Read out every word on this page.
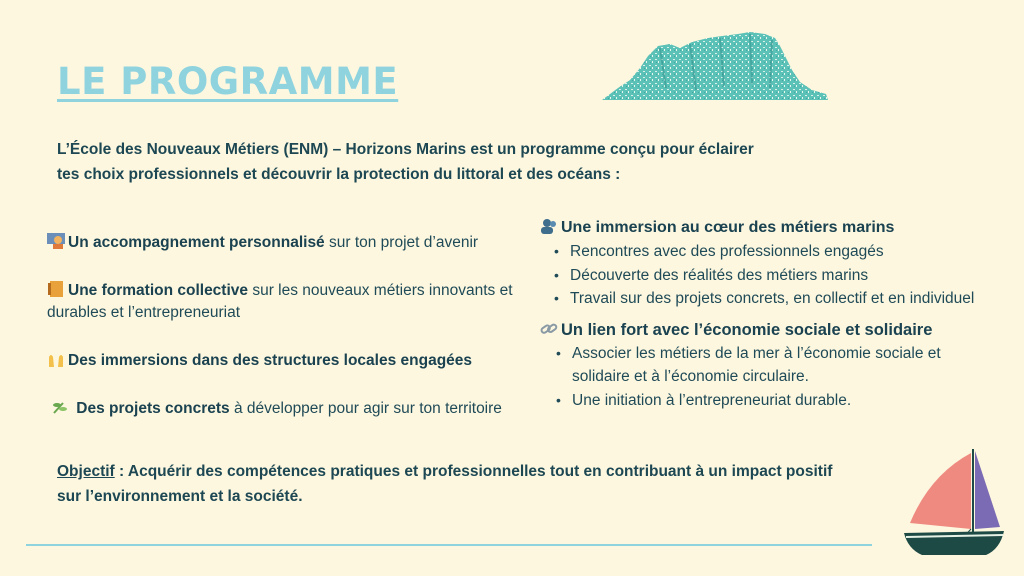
LE PROGRAMME
L’École des Nouveaux Métiers (ENM) – Horizons Marins est un programme conçu pour éclairer tes choix professionnels et découvrir la protection du littoral et des océans :
Un accompagnement personnalisé sur ton projet d’avenir
Une formation collective sur les nouveaux métiers innovants et durables et l’entrepreneuriat
Des immersions dans des structures locales engagées
Des projets concrets à développer pour agir sur ton territoire
Une immersion au cœur des métiers marins
• Rencontres avec des professionnels engagés
• Découverte des réalités des métiers marins
• Travail sur des projets concrets, en collectif et en individuel
Un lien fort avec l’économie sociale et solidaire
• Associer les métiers de la mer à l’économie sociale et solidaire et à l’économie circulaire.
• Une initiation à l’entrepreneuriat durable.
Objectif : Acquérir des compétences pratiques et professionnelles tout en contribuant à un impact positif sur l’environnement et la société.
